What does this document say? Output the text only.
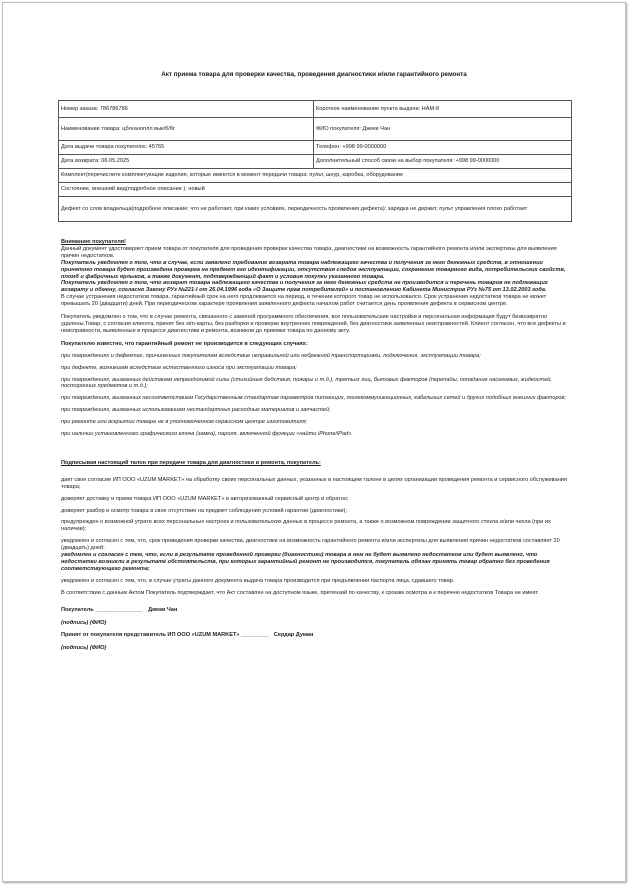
Акт приема товара для проверки качества, проведения диагностики и/или гарантийного ремонта
Номер заказа: 786786786	Короткое наименование пункта выдачи: НАМ-8
Наименование товара: цбгеаноплл вык/б/бг	ФИО покупателя: Джеки Чан
Дата выдачи товара покупателю: 45765	Телефон: +998 99-0000000
Дата возврата: 06.05.2025	Дополнительный способ связи на выбор покупателя: +998 99-0000000
Комплект(перечислите комплектующие изделия, которые имеются в момент передачи товара: пульт, шнур, каробка, оборудование	
Состояние, внешний вид(подробное описание ): новый	
Дефект со слов владельца(подробное описание: что не работает, при каких условиях, периодичность проявления дефекта): зарядка не держит, пульт управления плохо работает	

Вниманию покупателя!

Данный документ удостоверяет прием товара от покупателя для проведения проверки качества товара, диагностики на возможность гарантийного ремонта и/или экспертизы для выявления причин недостатков.

Покупатель уведомлен о том, что в случае, если заявлено требование возврата товара надлежащего качества и получения за него денежных средств, в отношении принятого товара будет произведена проверка на предмет его идентификации, отсутствия следов эксплуатации, сохранение товарного вида, потребительских свойств, пломб и фабричных ярлыков, а также документ, подтверждающий факт и условия покупки указанного товара.

Покупатель уведомлен о том, что возврат товара надлежащего качества и получения за него денежных средств не производится и перечень товаров не подлежащих возврату и обмену, согласно Закону РУз №221-I от 26.04.1996 года «О Защите прав потребителей» и постановлению Кабинета Министров РУз №75 от 13.02.2003 года.

В случае устранения недостатков товара, гарантийный срок на него продлевается на период, в течении которого товар не использовался. Срок устранения недостатков товара не может превышать 20 (двадцати) дней. При периодическом характере проявления заявленного дефекта началом работ считается день проявления дефекта в сервисном центре.

Покупатель уведомлен о том, что в случае ремонта, связанного с заменой программного обеспечения, все пользовательские настройки и персональная информация будут безвозвратно удалены.Товар, с согласия клиента, принят без sim-карты, без разборки и проверки внутренних повреждений, без диагностики заявленных неисправностей. Клиент согласен, что все дефекты и неисправности, выявленные в процессе диагностики и ремонта, возникли до приемки товара по данному акту.

Покупателю известно, что гарантийный ремонт не производится в следующих случаях:

при повреждениях и дефектах, причиненных покупателем вследствие неправильной или небрежной транспортировки, подключения, эксплуатации товара;

при дефекте, возникшем вследствие естественного износа при эксплуатации товара;

при повреждениях, вызванных действием непреодолимой силы (стихийные бедствия, пожары и т.д.), третьих лиц, бытовых факторов (перепады, попадание насекомых, жидкостей, посторонних предметов и т.д.);

при повреждениях, вызванных несоответствием Государственным стандартам параметров питающих, телекоммуникационных, кабельных сетей и других подобных внешних факторов;

при повреждениях, вызванных использованием нестандартных расходных материалов и запчастей;

при ремонте или вскрытии товара не в уполномоченном сервисном центре изготовителя;

при наличии установленного графического ключа (замка), пароля, включенной функции «найти iPhone/iPad».

Подписывая настоящий талон при передаче товара для диагностики и ремонта, покупатель:

дает свое согласие ИП ООО «UZUM MARKET» на обработку своих персональных данных, указанных в настоящем талоне в целях организации проведения ремонта и сервисного обслуживания товара;

доверяет доставку и прием товара ИП ООО «UZUM MARKET» в авторизованный сервисный центр и обратно;

доверяет разбор и осмотр товара в свое отсутствие на предмет соблюдения условий гарантии (диагностики);

предупрежден о возможной утрате всех персональных настроек и пользовательских данных в процессе ремонта, а также о возможном повреждении защитного стекла и/или чехла (при их наличии);

уведомлен и согласен с тем, что, срок проведения проверки качества, диагностики на возможность гарантийного ремонта и/или экспертизы для выявления причин недостатков составляет 20 (двадцать) дней;

уведомлен и согласен с тем, что, если в результате проведенной проверки (диагностики) товара в нем не будет выявлено недостатков или будет выявлено, что недостатки возникли в результате обстоятельств, при которых гарантийный ремонт не производится, покупатель обязан принять товар обратно без проведения соответствующего ремонта;

уведомлен и согласен с тем, что, в случае утраты данного документа выдача товара производится при предъявлении паспорта лица, сдавшего товар.

В соответствии с данным Актом Покупатель подтверждает, что Акт составлен на доступном языке, претензий по качеству, к срокам осмотра и к перечню недостатков Товара не имеет.

Покупатель _______________ Джеки Чан

(подпись) (ФИО)

Принят от покупателя представитель ИП ООО «UZUM MARKET» _________ Сердар Думан

(подпись) (ФИО)
